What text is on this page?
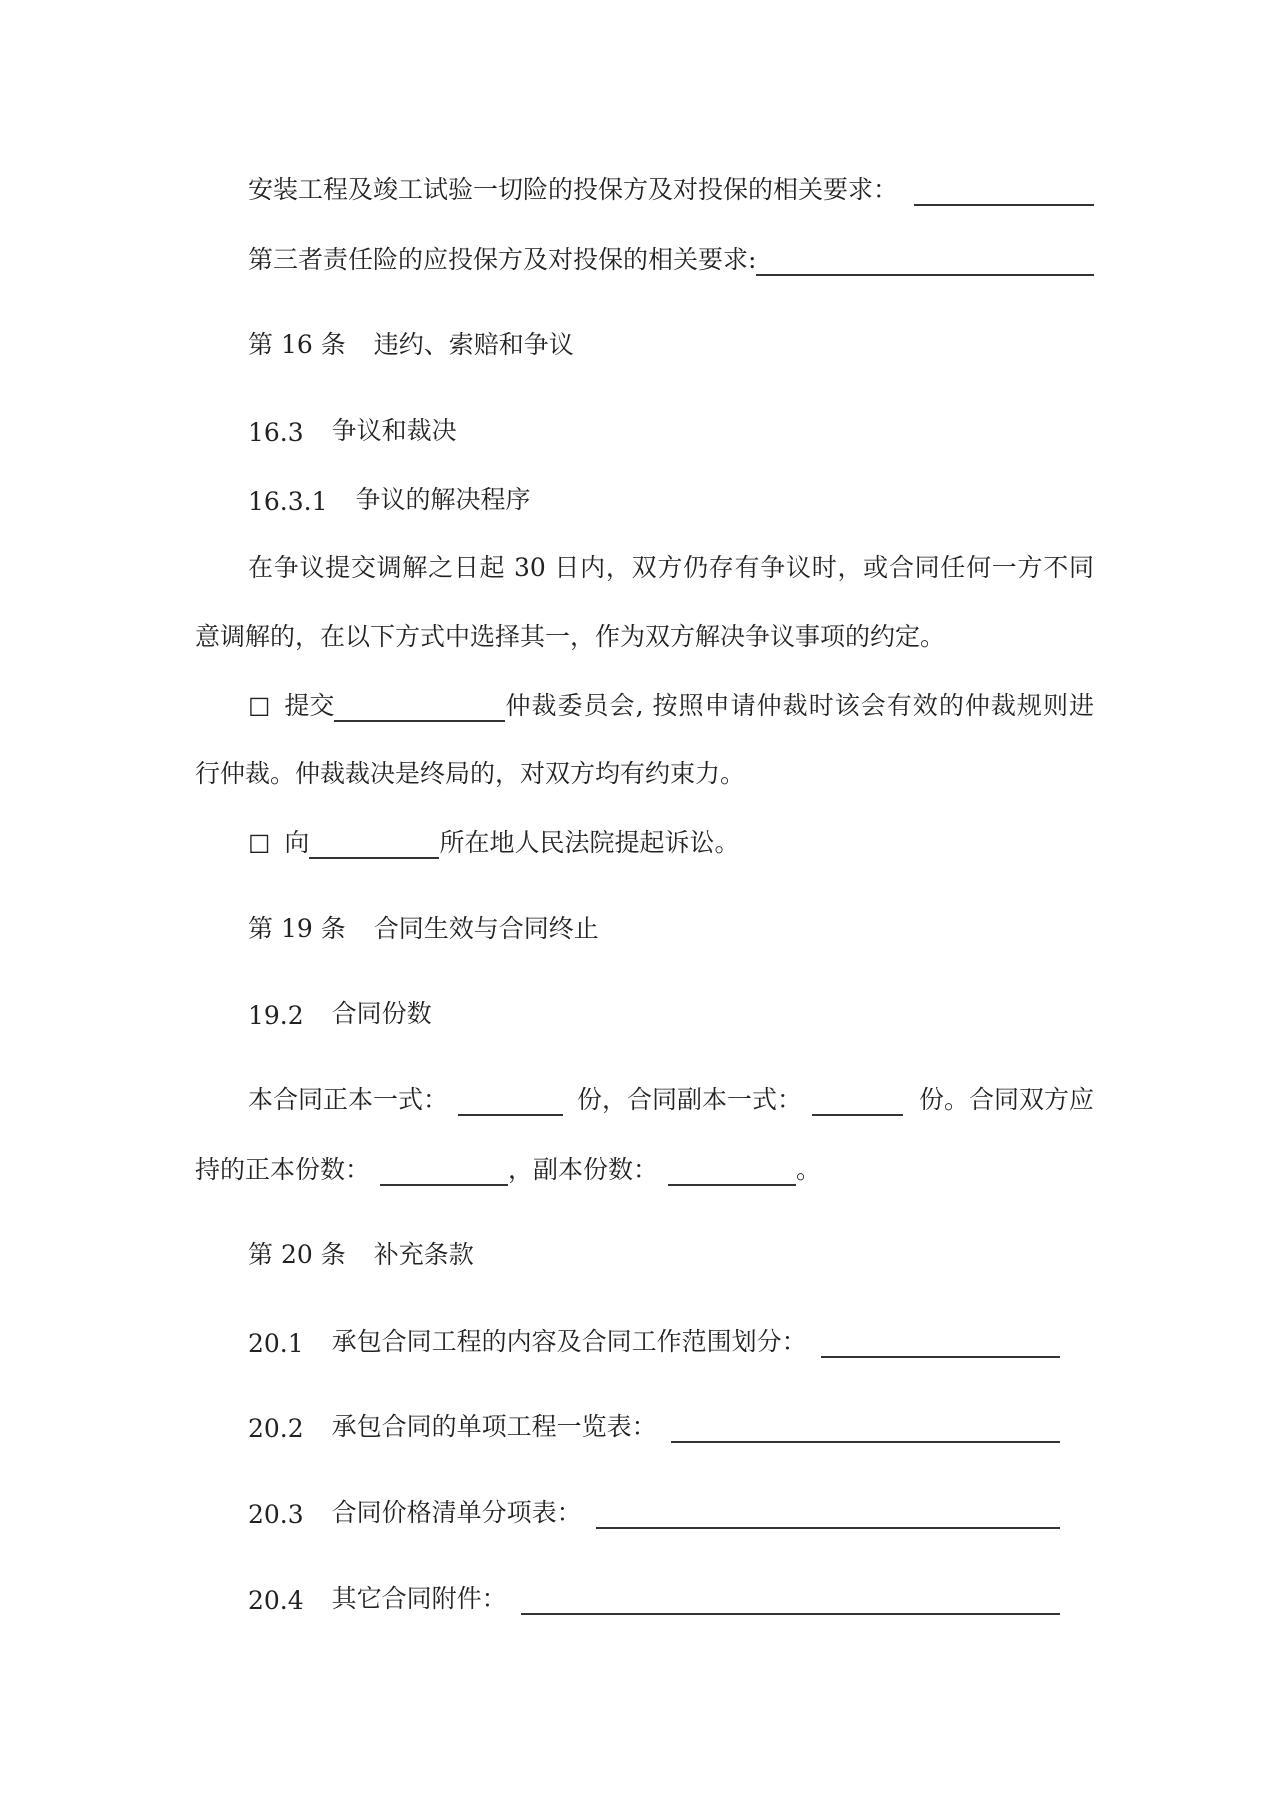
安装工程及竣工试验一切险的投保方及对投保的相关要求：
第三者责任险的应投保方及对投保的相关要求:
第 16 条 违约、索赔和争议
16.3 争议和裁决
16.3.1 争议的解决程序
在争议提交调解之日起 30 日内，双方仍存有争议时，或合同任何一方不同
意调解的，在以下方式中选择其一，作为双方解决争议事项的约定。
☐ 提交	仲裁委员会, 按照申请仲裁时该会有效的仲裁规则进
行仲裁。仲裁裁决是终局的，对双方均有约束力。
☐ 向	所在地人民法院提起诉讼。
第 19 条 合同生效与合同终止
19.2 合同份数
本合同正本一式：	份，合同副本一式：	份。合同双方应
持的正本份数：	，副本份数：	。
第 20 条 补充条款
20.1 承包合同工程的内容及合同工作范围划分：
20.2 承包合同的单项工程一览表：
20.3 合同价格清单分项表：
20.4 其它合同附件：
